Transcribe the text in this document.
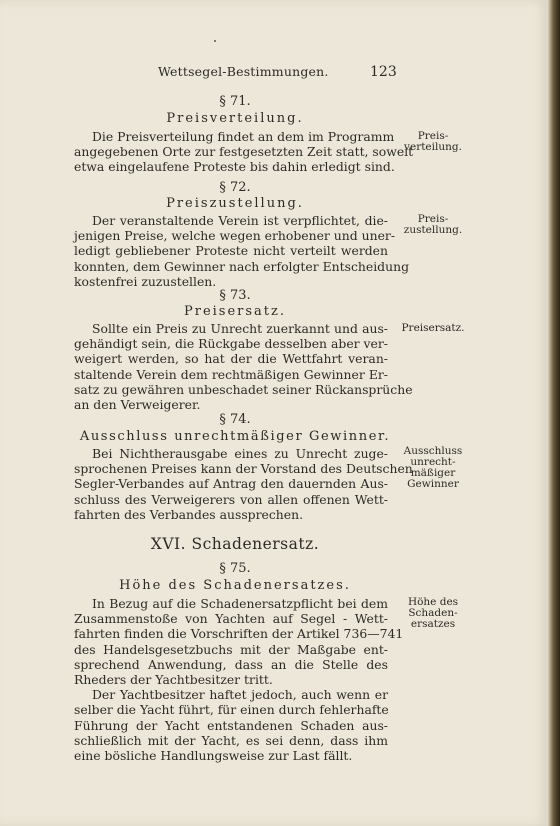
Wettsegel-Bestimmungen.	123
§ 71.
Preisverteilung.
Die Preisverteilung findet an dem im Programm
angegebenen Orte zur festgesetzten Zeit statt, soweit
etwa eingelaufene Proteste bis dahin erledigt sind.
Preis-
verteilung.
§ 72.
Preiszustellung.
Der veranstaltende Verein ist verpflichtet, die-
jenigen Preise, welche wegen erhobener und uner-
ledigt gebliebener Proteste nicht verteilt werden
konnten, dem Gewinner nach erfolgter Entscheidung
kostenfrei zuzustellen.
Preis-
zustellung.
§ 73.
Preisersatz.
Sollte ein Preis zu Unrecht zuerkannt und aus-
gehändigt sein, die Rückgabe desselben aber ver-
weigert werden, so hat der die Wettfahrt veran-
staltende Verein dem rechtmäßigen Gewinner Er-
satz zu gewähren unbeschadet seiner Rückansprüche
an den Verweigerer.
Preisersatz.
§ 74.
Ausschluss unrechtmäßiger Gewinner.
Bei Nichtherausgabe eines zu Unrecht zuge-
sprochenen Preises kann der Vorstand des Deutschen
Segler-Verbandes auf Antrag den dauernden Aus-
schluss des Verweigerers von allen offenen Wett-
fahrten des Verbandes aussprechen.
Ausschluss
unrecht-
mäßiger
Gewinner
XVI. Schadenersatz.
§ 75.
Höhe des Schadenersatzes.
In Bezug auf die Schadenersatzpflicht bei dem
Zusammenstoße von Yachten auf Segel - Wett-
fahrten finden die Vorschriften der Artikel 736—741
des Handelsgesetzbuchs mit der Maßgabe ent-
sprechend Anwendung, dass an die Stelle des
Rheders der Yachtbesitzer tritt.
Der Yachtbesitzer haftet jedoch, auch wenn er
selber die Yacht führt, für einen durch fehlerhafte
Führung der Yacht entstandenen Schaden aus-
schließlich mit der Yacht, es sei denn, dass ihm
eine bösliche Handlungsweise zur Last fällt.
Höhe des
Schaden-
ersatzes
